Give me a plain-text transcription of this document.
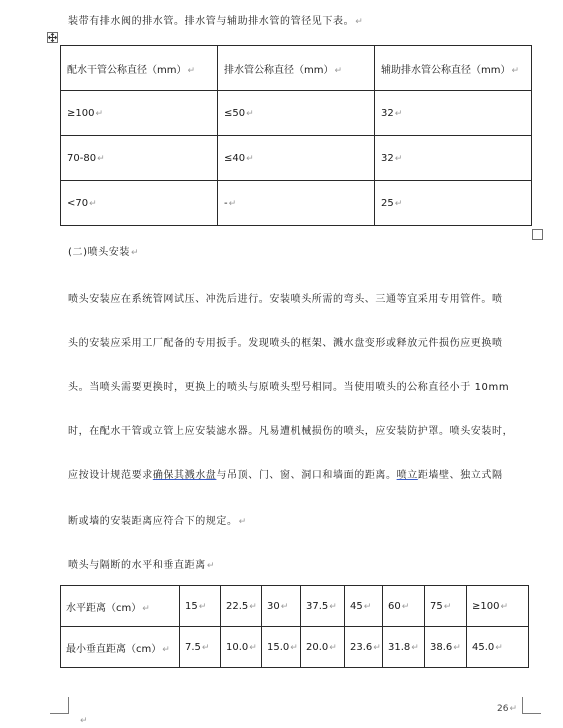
装带有排水阀的排水管。排水管与辅助排水管的管径见下表。↵
配水干管公称直径（mm）↵	排水管公称直径（mm）↵	辅助排水管公称直径（mm）↵
≥100↵	≤50↵	32↵
70-80↵	≤40↵	32↵
<70↵	-↵	25↵
(二)喷头安装↵
喷头安装应在系统管网试压、冲洗后进行。安装喷头所需的弯头、三通等宜采用专用管件。喷
头的安装应采用工厂配备的专用扳手。发现喷头的框架、溅水盘变形或释放元件损伤应更换喷
头。当喷头需要更换时，更换上的喷头与原喷头型号相同。当使用喷头的公称直径小于 10mm
时，在配水干管或立管上应安装滤水器。凡易遭机械损伤的喷头，应安装防护罩。喷头安装时，
应按设计规范要求确保其溅水盘与吊顶、门、窗、洞口和墙面的距离。喷立距墙壁、独立式隔
断或墙的安装距离应符合下的规定。↵
喷头与隔断的水平和垂直距离↵
水平距离（cm）↵	15↵	22.5↵	30↵	37.5↵	45↵	60↵	75↵	≥100↵
最小垂直距离（cm）↵	7.5↵	10.0↵	15.0↵	20.0↵	23.6↵	31.8↵	38.6↵	45.0↵
26↵
↵
